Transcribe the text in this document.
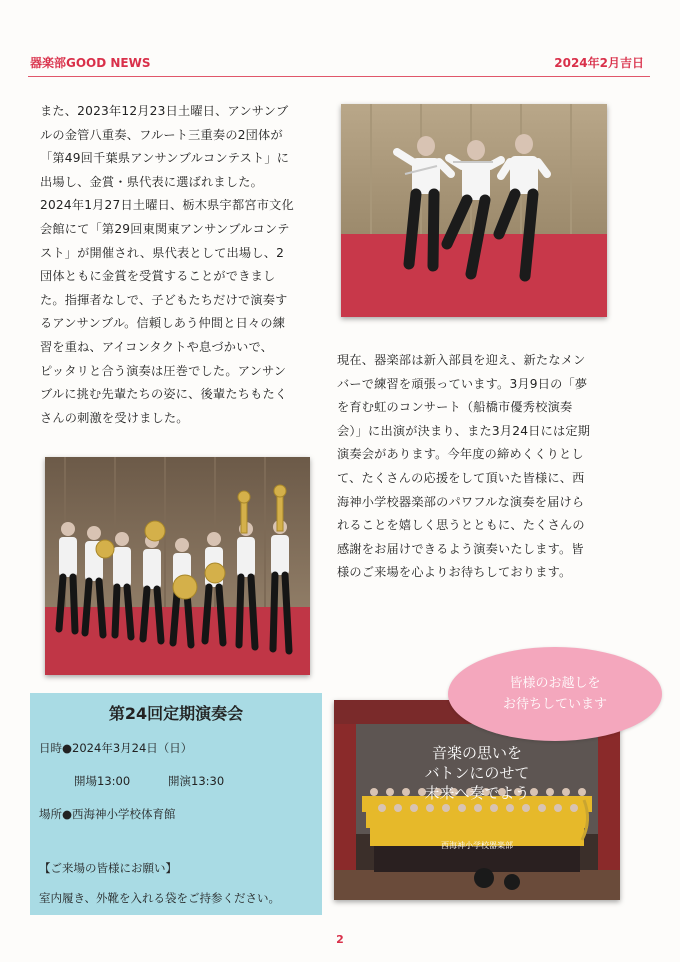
器楽部GOOD NEWS	2024年2月吉日

また、2023年12月23日土曜日、アンサンブ

ルの金管八重奏、フルート三重奏の2団体が

「第49回千葉県アンサンブルコンテスト」に

出場し、金賞・県代表に選ばれました。

2024年1月27日土曜日、栃木県宇都宮市文化

会館にて「第29回東関東アンサンブルコンテ

スト」が開催され、県代表として出場し、2

団体ともに金賞を受賞することができまし

た。指揮者なしで、子どもたちだけで演奏す

るアンサンブル。信頼しあう仲間と日々の練

習を重ね、アイコンタクトや息づかいで、

ピッタリと合う演奏は圧巻でした。アンサン

ブルに挑む先輩たちの姿に、後輩たちもたく

さんの刺激を受けました。

現在、器楽部は新入部員を迎え、新たなメン

バーで練習を頑張っています。3月9日の「夢

を育む虹のコンサート（船橋市優秀校演奏

会）」に出演が決まり、また3月24日には定期

演奏会があります。今年度の締めくくりとし

て、たくさんの応援をして頂いた皆様に、西

海神小学校器楽部のパワフルな演奏を届けら

れることを嬉しく思うとともに、たくさんの

感謝をお届けできるよう演奏いたします。皆

様のご来場を心よりお待ちしております。

第24回定期演奏会
日時●2024年3月24日（日）
開場13:00	開演13:30
場所●西海神小学校体育館
【ご来場の皆様にお願い】
室内履き、外靴を入れる袋をご持参ください。
音楽の思いを
バトンにのせて
未来へ奏でよう
西海神小学校器楽部
皆様のお越しを
お待ちしています
2
